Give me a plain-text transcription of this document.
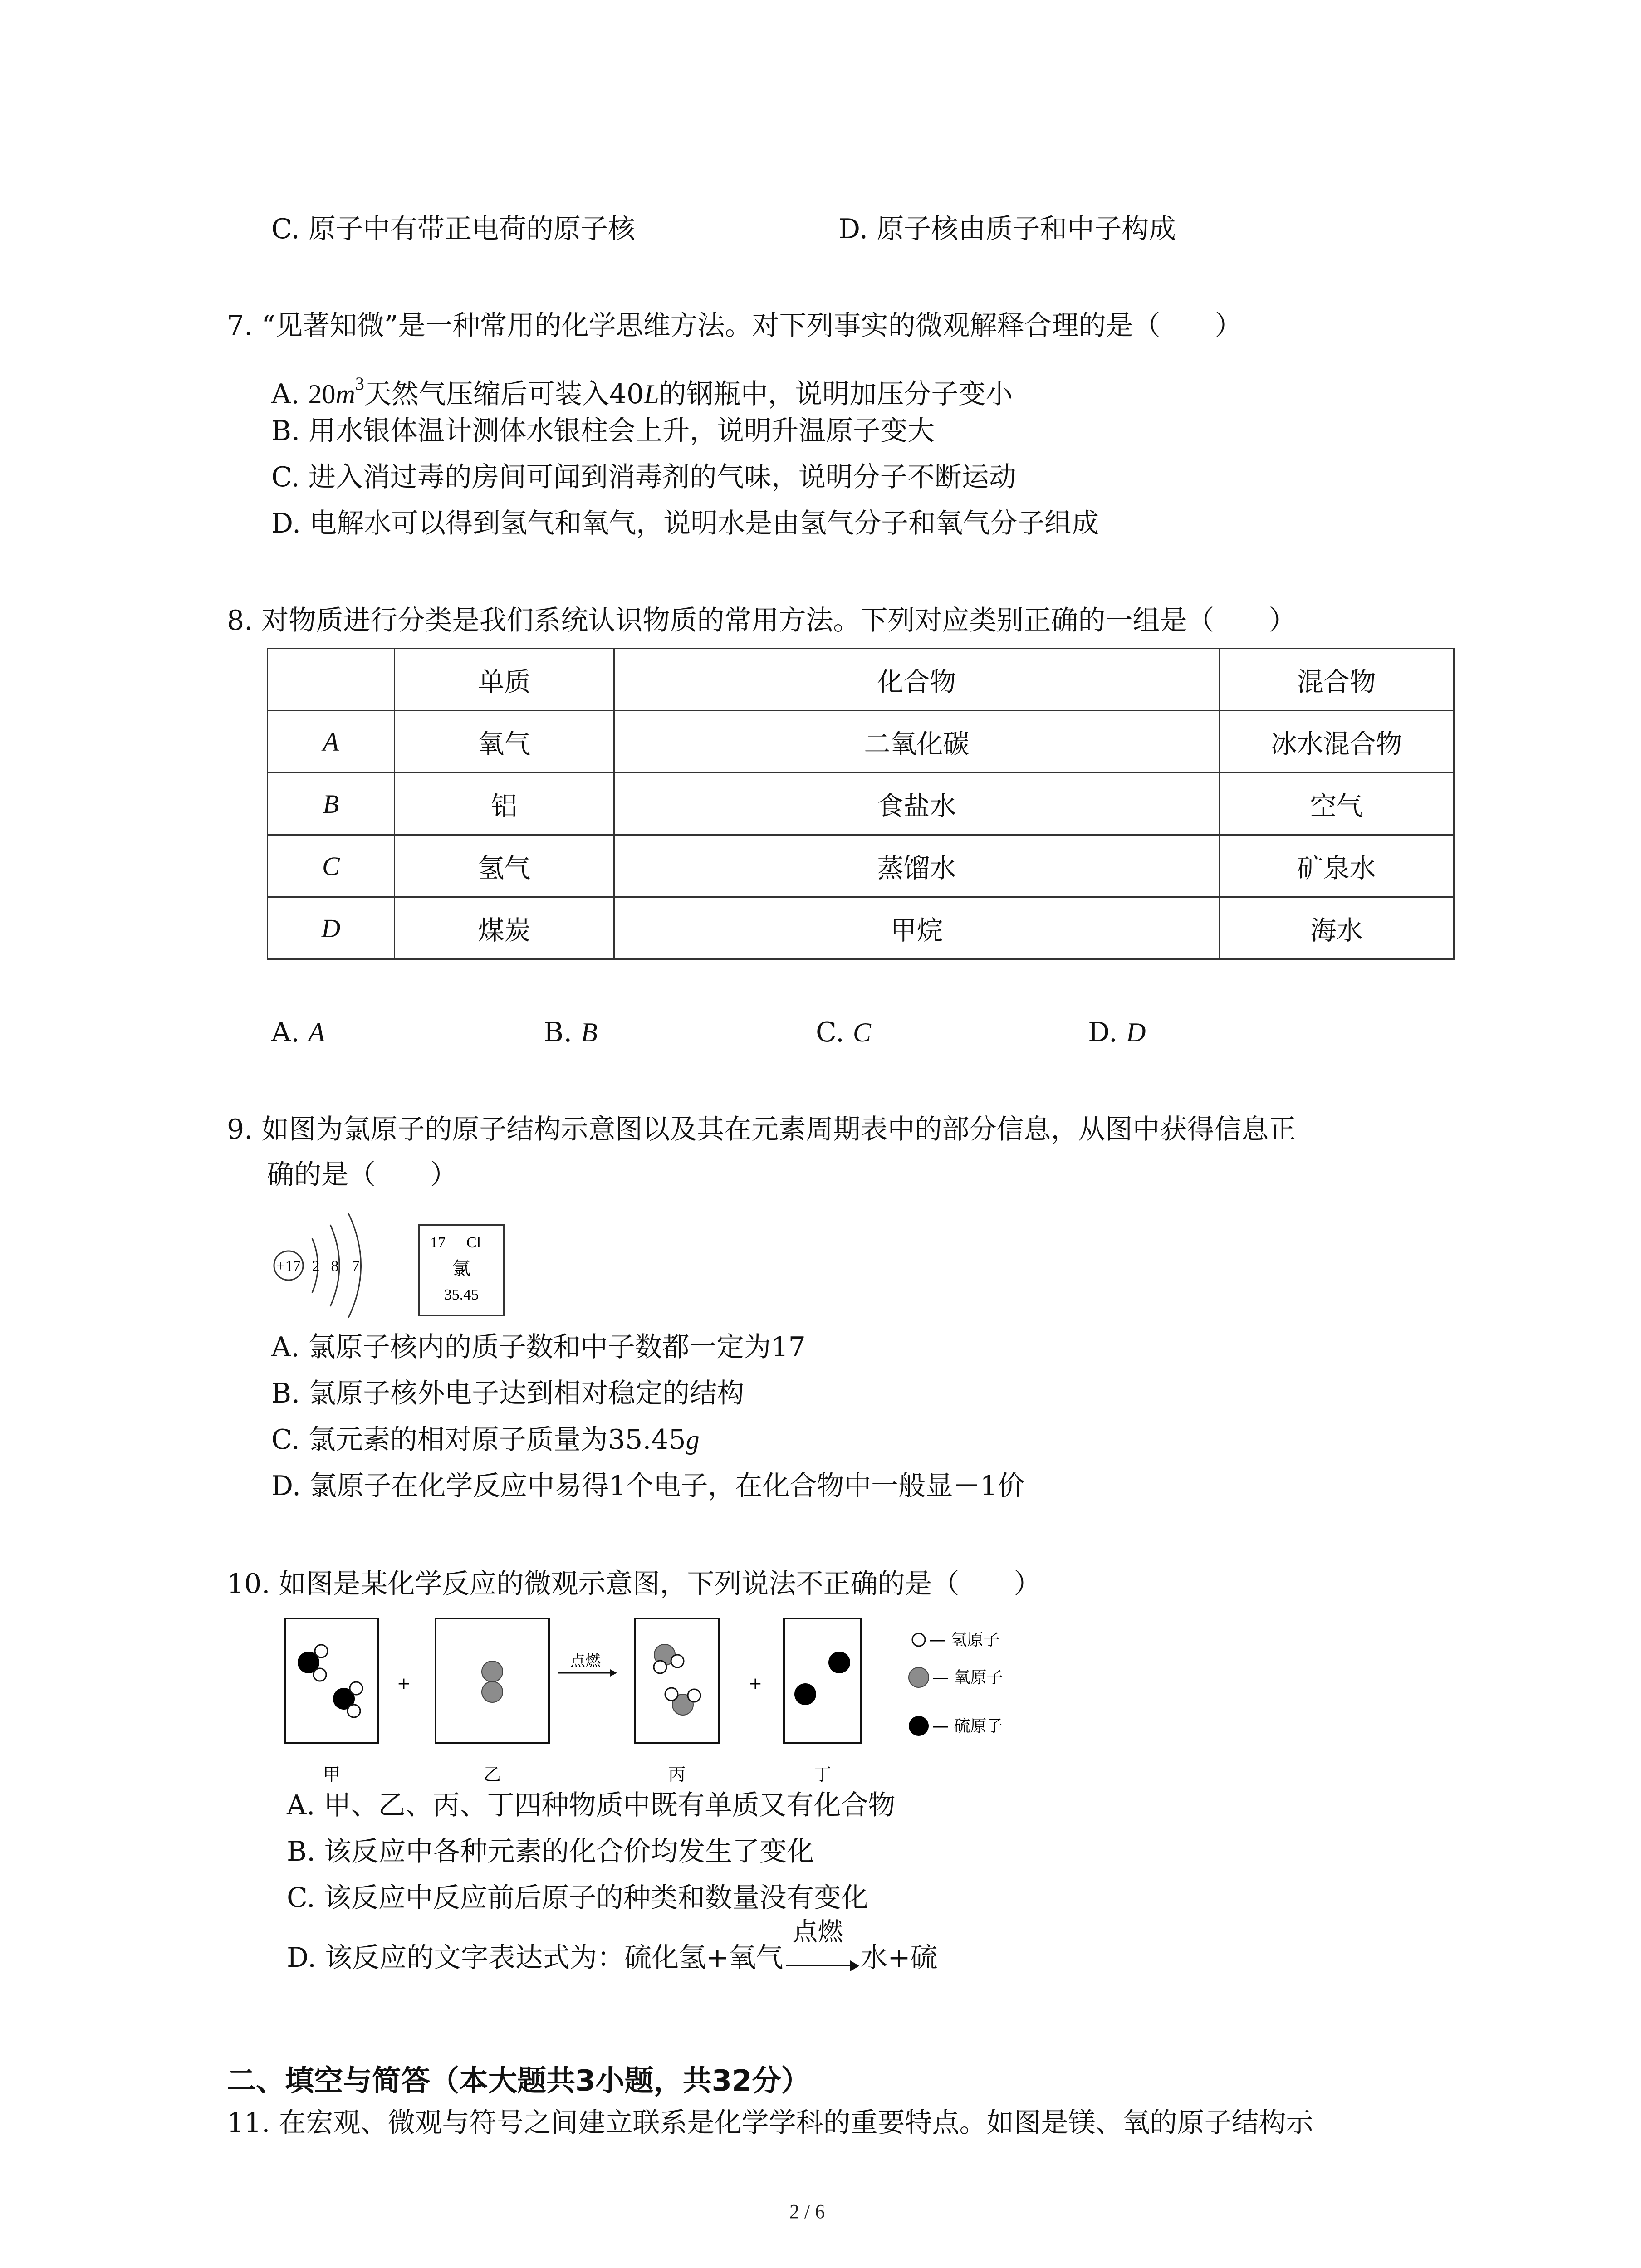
C. 原子中有带正电荷的原子核	D. 原子核由质子和中子构成
7. “见著知微”是一种常用的化学思维方法。对下列事实的微观解释合理的是（　　）
A. $20m^3$天然气压缩后可装入40L的钢瓶中，说明加压分子变小
B. 用水银体温计测体水银柱会上升，说明升温原子变大
C. 进入消过毒的房间可闻到消毒剂的气味，说明分子不断运动
D. 电解水可以得到氢气和氧气，说明水是由氢气分子和氧气分子组成
8. 对物质进行分类是我们系统认识物质的常用方法。下列对应类别正确的一组是（　　）
	单质	化合物	混合物
A	氧气	二氧化碳	冰水混合物
B	铝	食盐水	空气
C	氢气	蒸馏水	矿泉水
D	煤炭	甲烷	海水
A. A	B. B	C. C	D. D
9. 如图为氯原子的原子结构示意图以及其在元素周期表中的部分信息，从图中获得信息正
确的是（　　）
+17 2 8 7
17 Cl
氯
35.45
A. 氯原子核内的质子数和中子数都一定为17
B. 氯原子核外电子达到相对稳定的结构
C. 氯元素的相对原子质量为35.45g
D. 氯原子在化学反应中易得1个电子，在化合物中一般显－1价
10. 如图是某化学反应的微观示意图，下列说法不正确的是（　　）
+
点燃
+
— 氢原子
— 氧原子
— 硫原子
甲	乙	丙	丁
A. 甲、乙、丙、丁四种物质中既有单质又有化合物
B. 该反应中各种元素的化合价均发生了变化
C. 该反应中反应前后原子的种类和数量没有变化
D. 该反应的文字表达式为：硫化氢+氧气
点燃
水+硫
二、填空与简答（本大题共3小题，共32分）
11. 在宏观、微观与符号之间建立联系是化学学科的重要特点。如图是镁、氧的原子结构示
2 / 6
